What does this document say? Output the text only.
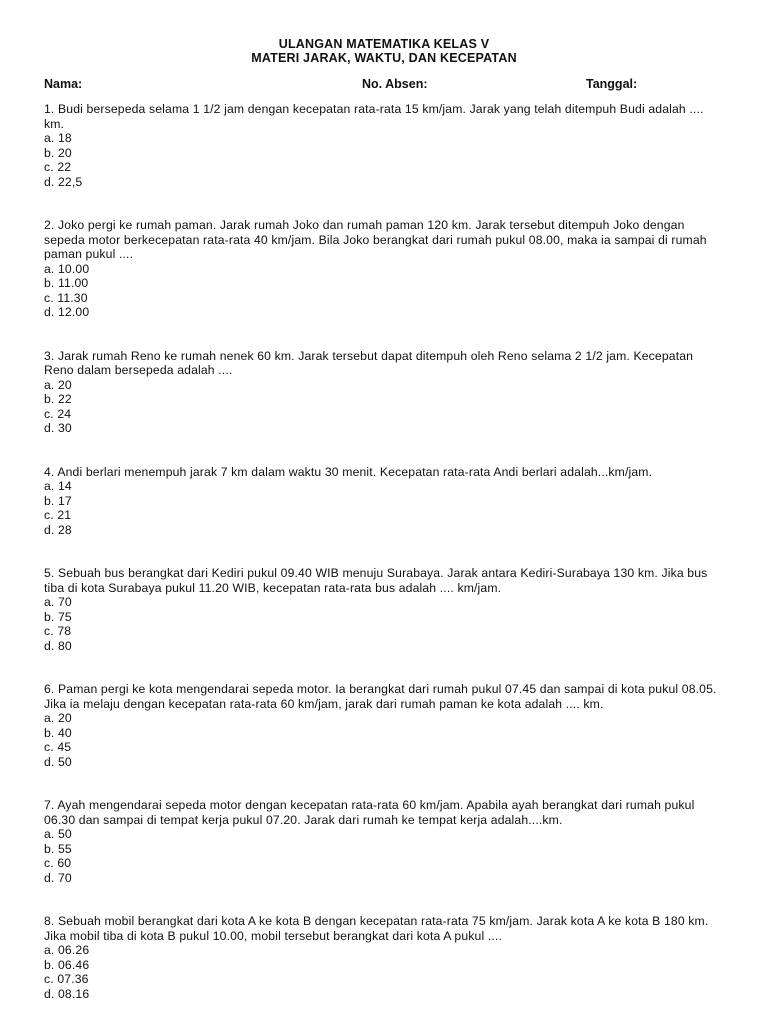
ULANGAN MATEMATIKA KELAS V
MATERI JARAK, WAKTU, DAN KECEPATAN
Nama:	No. Absen:	Tanggal:

1. Budi bersepeda selama 1 1/2 jam dengan kecepatan rata-rata 15 km/jam. Jarak yang telah ditempuh Budi adalah .... km.

a. 18
b. 20
c. 22
d. 22,5

2. Joko pergi ke rumah paman. Jarak rumah Joko dan rumah paman 120 km. Jarak tersebut ditempuh Joko dengan sepeda motor berkecepatan rata-rata 40 km/jam. Bila Joko berangkat dari rumah pukul 08.00, maka ia sampai di rumah paman pukul ....

a. 10.00
b. 11.00
c. 11.30
d. 12.00

3. Jarak rumah Reno ke rumah nenek 60 km. Jarak tersebut dapat ditempuh oleh Reno selama 2 1/2 jam. Kecepatan Reno dalam bersepeda adalah ....

a. 20
b. 22
c. 24
d. 30

4. Andi berlari menempuh jarak 7 km dalam waktu 30 menit. Kecepatan rata-rata Andi berlari adalah...km/jam.

a. 14
b. 17
c. 21
d. 28

5. Sebuah bus berangkat dari Kediri pukul 09.40 WIB menuju Surabaya. Jarak antara Kediri-Surabaya 130 km. Jika bus tiba di kota Surabaya pukul 11.20 WIB, kecepatan rata-rata bus adalah .... km/jam.

a. 70
b. 75
c. 78
d. 80

6. Paman pergi ke kota mengendarai sepeda motor. Ia berangkat dari rumah pukul 07.45 dan sampai di kota pukul 08.05. Jika ia melaju dengan kecepatan rata-rata 60 km/jam, jarak dari rumah paman ke kota adalah .... km.

a. 20
b. 40
c. 45
d. 50

7. Ayah mengendarai sepeda motor dengan kecepatan rata-rata 60 km/jam. Apabila ayah berangkat dari rumah pukul 06.30 dan sampai di tempat kerja pukul 07.20. Jarak dari rumah ke tempat kerja adalah....km.

a. 50
b. 55
c. 60
d. 70

8. Sebuah mobil berangkat dari kota A ke kota B dengan kecepatan rata-rata 75 km/jam. Jarak kota A ke kota B 180 km. Jika mobil tiba di kota B pukul 10.00, mobil tersebut berangkat dari kota A pukul ....

a. 06.26
b. 06.46
c. 07.36
d. 08.16
